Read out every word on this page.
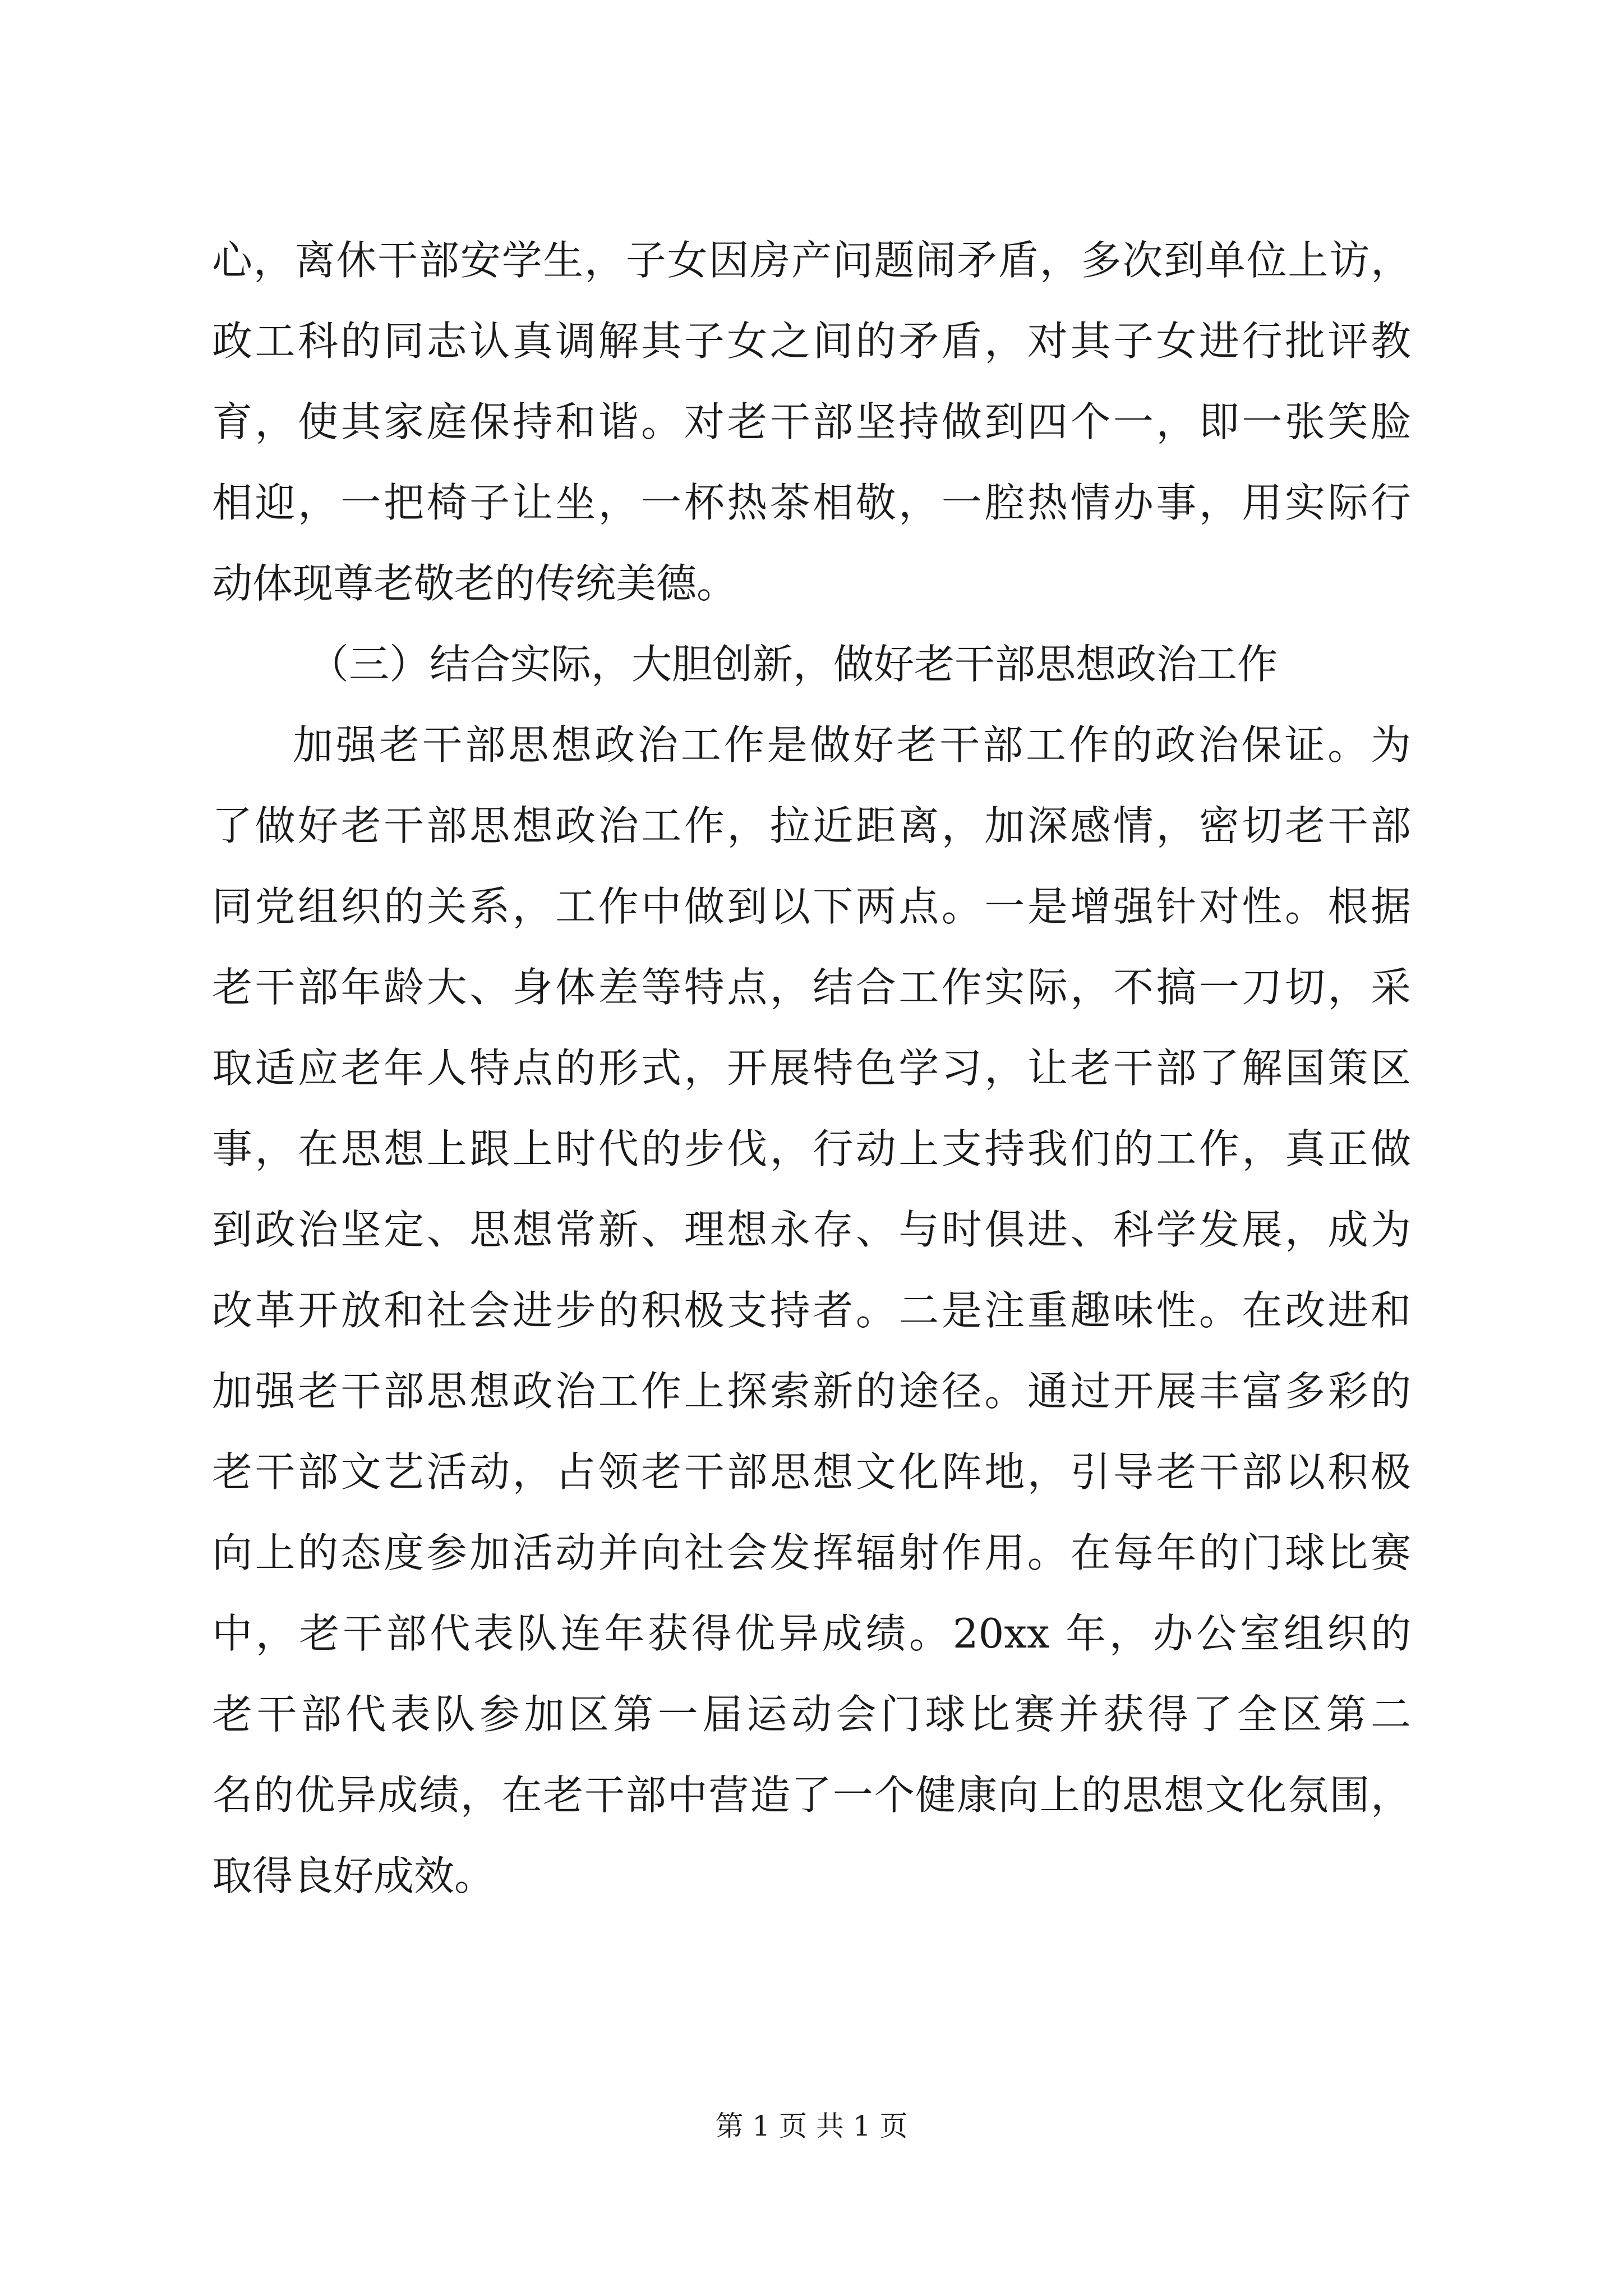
心，离休干部安学生，子女因房产问题闹矛盾，多次到单位上访，
政工科的同志认真调解其子女之间的矛盾，对其子女进行批评教
育，使其家庭保持和谐。对老干部坚持做到四个一，即一张笑脸
相迎，一把椅子让坐，一杯热茶相敬，一腔热情办事，用实际行
动体现尊老敬老的传统美德。
（三）结合实际，大胆创新，做好老干部思想政治工作
加强老干部思想政治工作是做好老干部工作的政治保证。为
了做好老干部思想政治工作，拉近距离，加深感情，密切老干部
同党组织的关系，工作中做到以下两点。一是增强针对性。根据
老干部年龄大、身体差等特点，结合工作实际，不搞一刀切，采
取适应老年人特点的形式，开展特色学习，让老干部了解国策区
事，在思想上跟上时代的步伐，行动上支持我们的工作，真正做
到政治坚定、思想常新、理想永存、与时俱进、科学发展，成为
改革开放和社会进步的积极支持者。二是注重趣味性。在改进和
加强老干部思想政治工作上探索新的途径。通过开展丰富多彩的
老干部文艺活动，占领老干部思想文化阵地，引导老干部以积极
向上的态度参加活动并向社会发挥辐射作用。在每年的门球比赛
中，老干部代表队连年获得优异成绩。20xx 年，办公室组织的
老干部代表队参加区第一届运动会门球比赛并获得了全区第二
名的优异成绩，在老干部中营造了一个健康向上的思想文化氛围，
取得良好成效。
第 1 页 共 1 页
